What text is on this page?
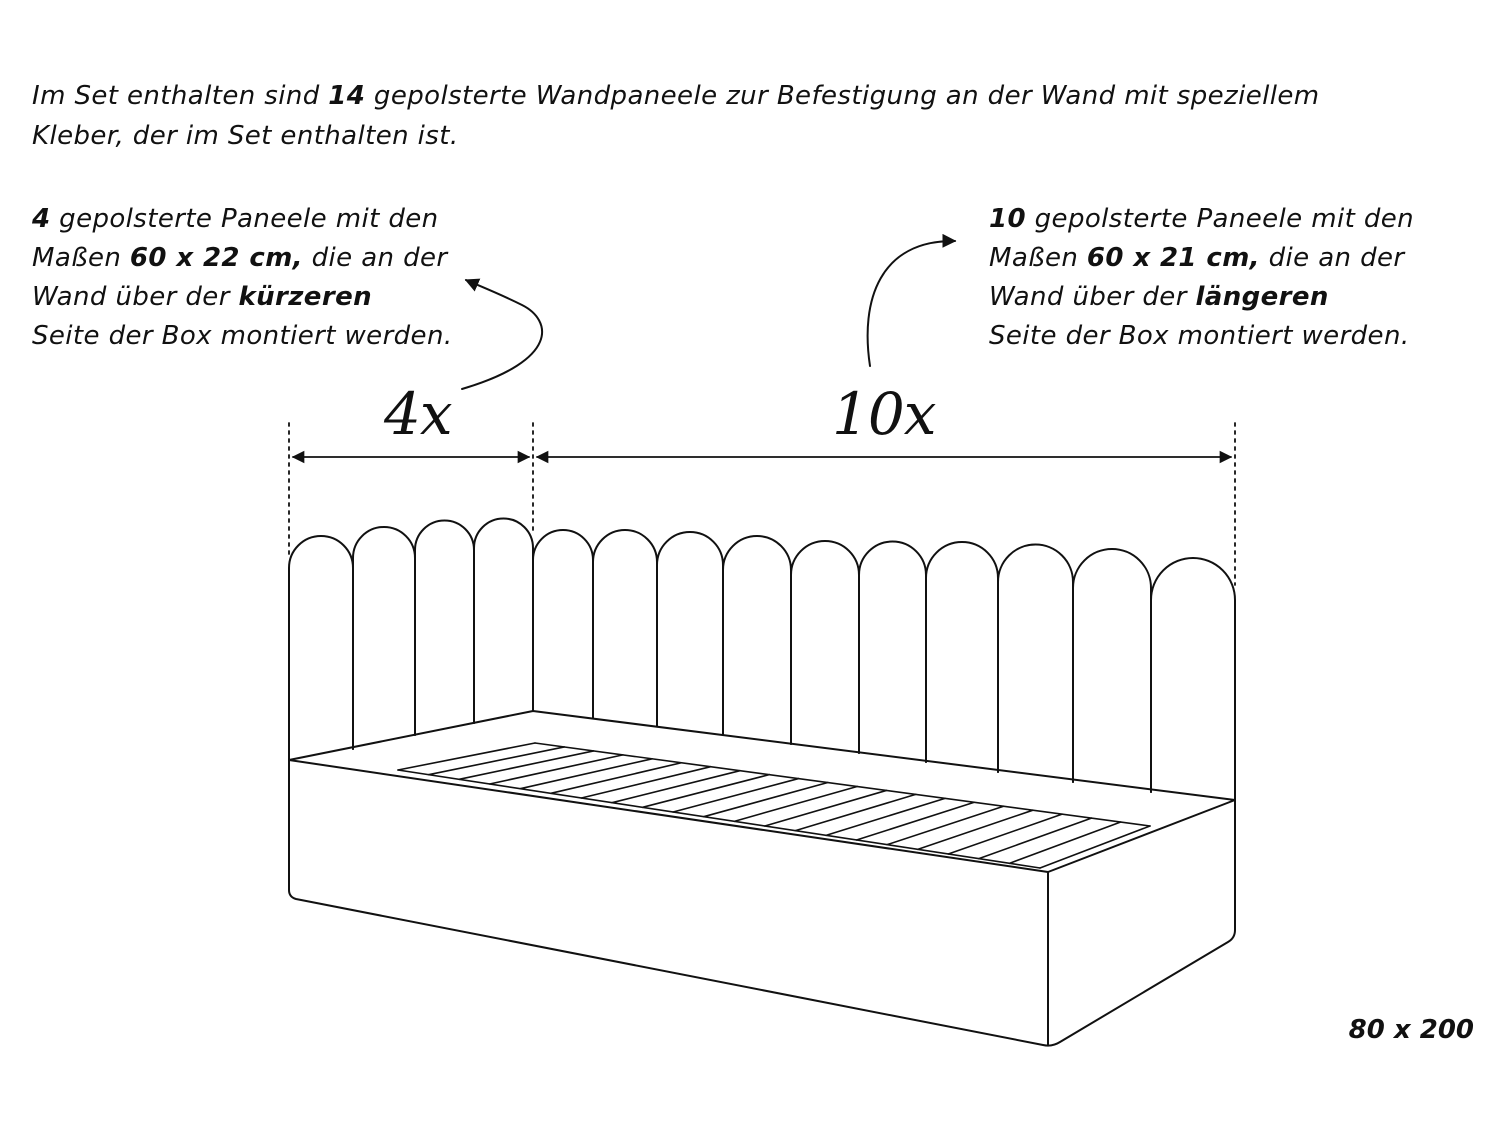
Im Set enthalten sind 14 gepolsterte Wandpaneele zur Befestigung an der Wand mit speziellem
Kleber, der im Set enthalten ist.
4 gepolsterte Paneele mit den
Maßen 60 x 22 cm, die an der
Wand über der kürzeren
Seite der Box montiert werden.
10 gepolsterte Paneele mit den
Maßen 60 x 21 cm, die an der
Wand über der längeren
Seite der Box montiert werden.
4x	10x
80 x 200
